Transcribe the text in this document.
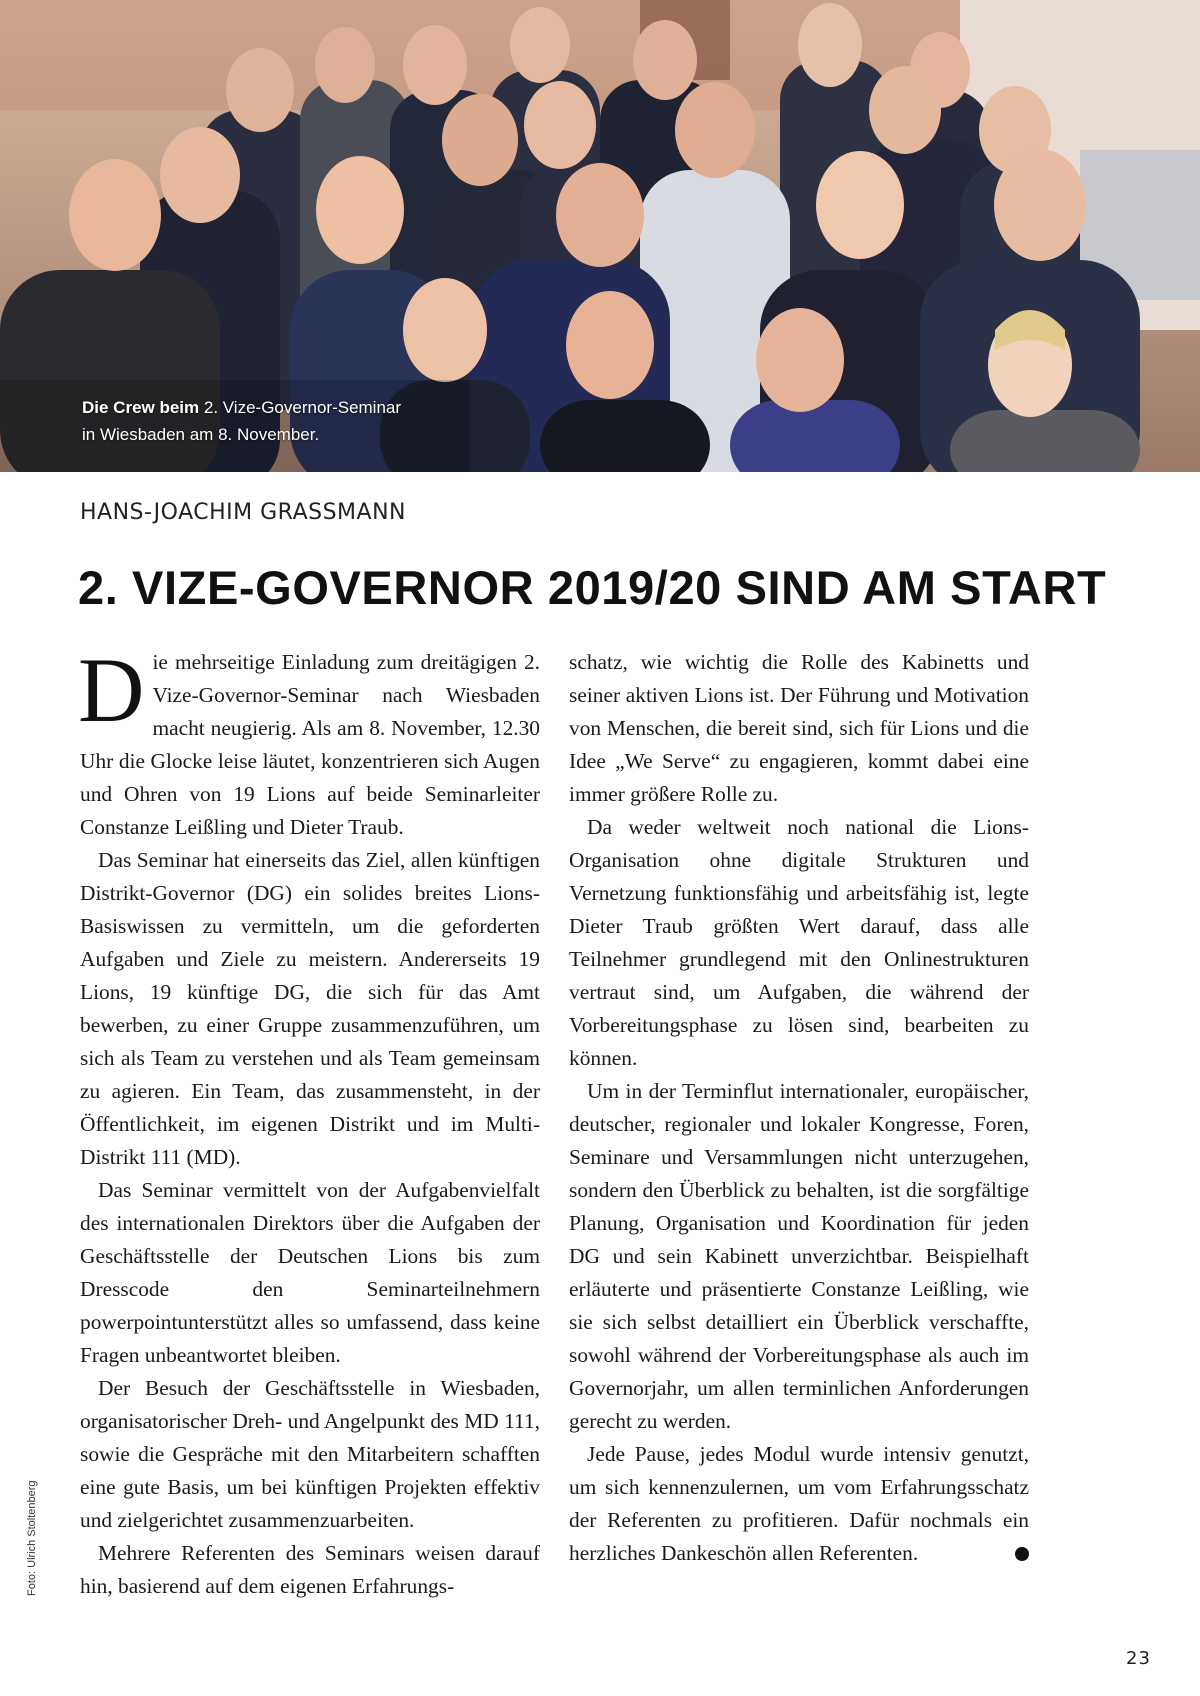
Die Crew beim 2. Vize-Governor-Seminar in Wiesbaden am 8. November.
HANS-JOACHIM GRASSMANN
2. VIZE-GOVERNOR 2019/20 SIND AM START

Die mehrseitige Einladung zum dreitägigen 2. Vize-Governor-Seminar nach Wiesbaden macht neugierig. Als am 8. November, 12.30 Uhr die Glocke leise läutet, konzentrieren sich Augen und Ohren von 19 Lions auf beide Seminarleiter Constanze Leißling und Dieter Traub.

Das Seminar hat einerseits das Ziel, allen künftigen Distrikt-Governor (DG) ein solides breites Lions-Basiswissen zu vermitteln, um die geforderten Aufgaben und Ziele zu meistern. Andererseits 19 Lions, 19 künftige DG, die sich für das Amt bewerben, zu einer Gruppe zusammenzuführen, um sich als Team zu verstehen und als Team gemeinsam zu agieren. Ein Team, das zusammensteht, in der Öffentlichkeit, im eigenen Distrikt und im Multi-Distrikt 111 (MD).

Das Seminar vermittelt von der Aufgabenvielfalt des internationalen Direktors über die Aufgaben der Geschäftsstelle der Deutschen Lions bis zum Dresscode den Seminarteilnehmern powerpointunterstützt alles so umfassend, dass keine Fragen unbeantwortet bleiben.

Der Besuch der Geschäftsstelle in Wiesbaden, organisatorischer Dreh- und Angelpunkt des MD 111, sowie die Gespräche mit den Mitarbeitern schafften eine gute Basis, um bei künftigen Projekten effektiv und zielgerichtet zusammenzuarbeiten.

Mehrere Referenten des Seminars weisen darauf hin, basierend auf dem eigenen Erfahrungs-

schatz, wie wichtig die Rolle des Kabinetts und seiner aktiven Lions ist. Der Führung und Motivation von Menschen, die bereit sind, sich für Lions und die Idee „We Serve“ zu engagieren, kommt dabei eine immer größere Rolle zu.

Da weder weltweit noch national die Lions-Organisation ohne digitale Strukturen und Vernetzung funktionsfähig und arbeitsfähig ist, legte Dieter Traub größten Wert darauf, dass alle Teilnehmer grundlegend mit den Onlinestrukturen vertraut sind, um Aufgaben, die während der Vorbereitungsphase zu lösen sind, bearbeiten zu können.

Um in der Terminflut internationaler, europäischer, deutscher, regionaler und lokaler Kongresse, Foren, Seminare und Versammlungen nicht unterzugehen, sondern den Überblick zu behalten, ist die sorgfältige Planung, Organisation und Koordination für jeden DG und sein Kabinett unverzichtbar. Beispielhaft erläuterte und präsentierte Constanze Leißling, wie sie sich selbst detailliert ein Überblick verschaffte, sowohl während der Vorbereitungsphase als auch im Governorjahr, um allen terminlichen Anforderungen gerecht zu werden.

Jede Pause, jedes Modul wurde intensiv genutzt, um sich kennenzulernen, um vom Erfahrungsschatz der Referenten zu profitieren. Dafür nochmals ein herzliches Dankeschön allen Referenten.	L

Foto: Ulrich Stoltenberg
23
